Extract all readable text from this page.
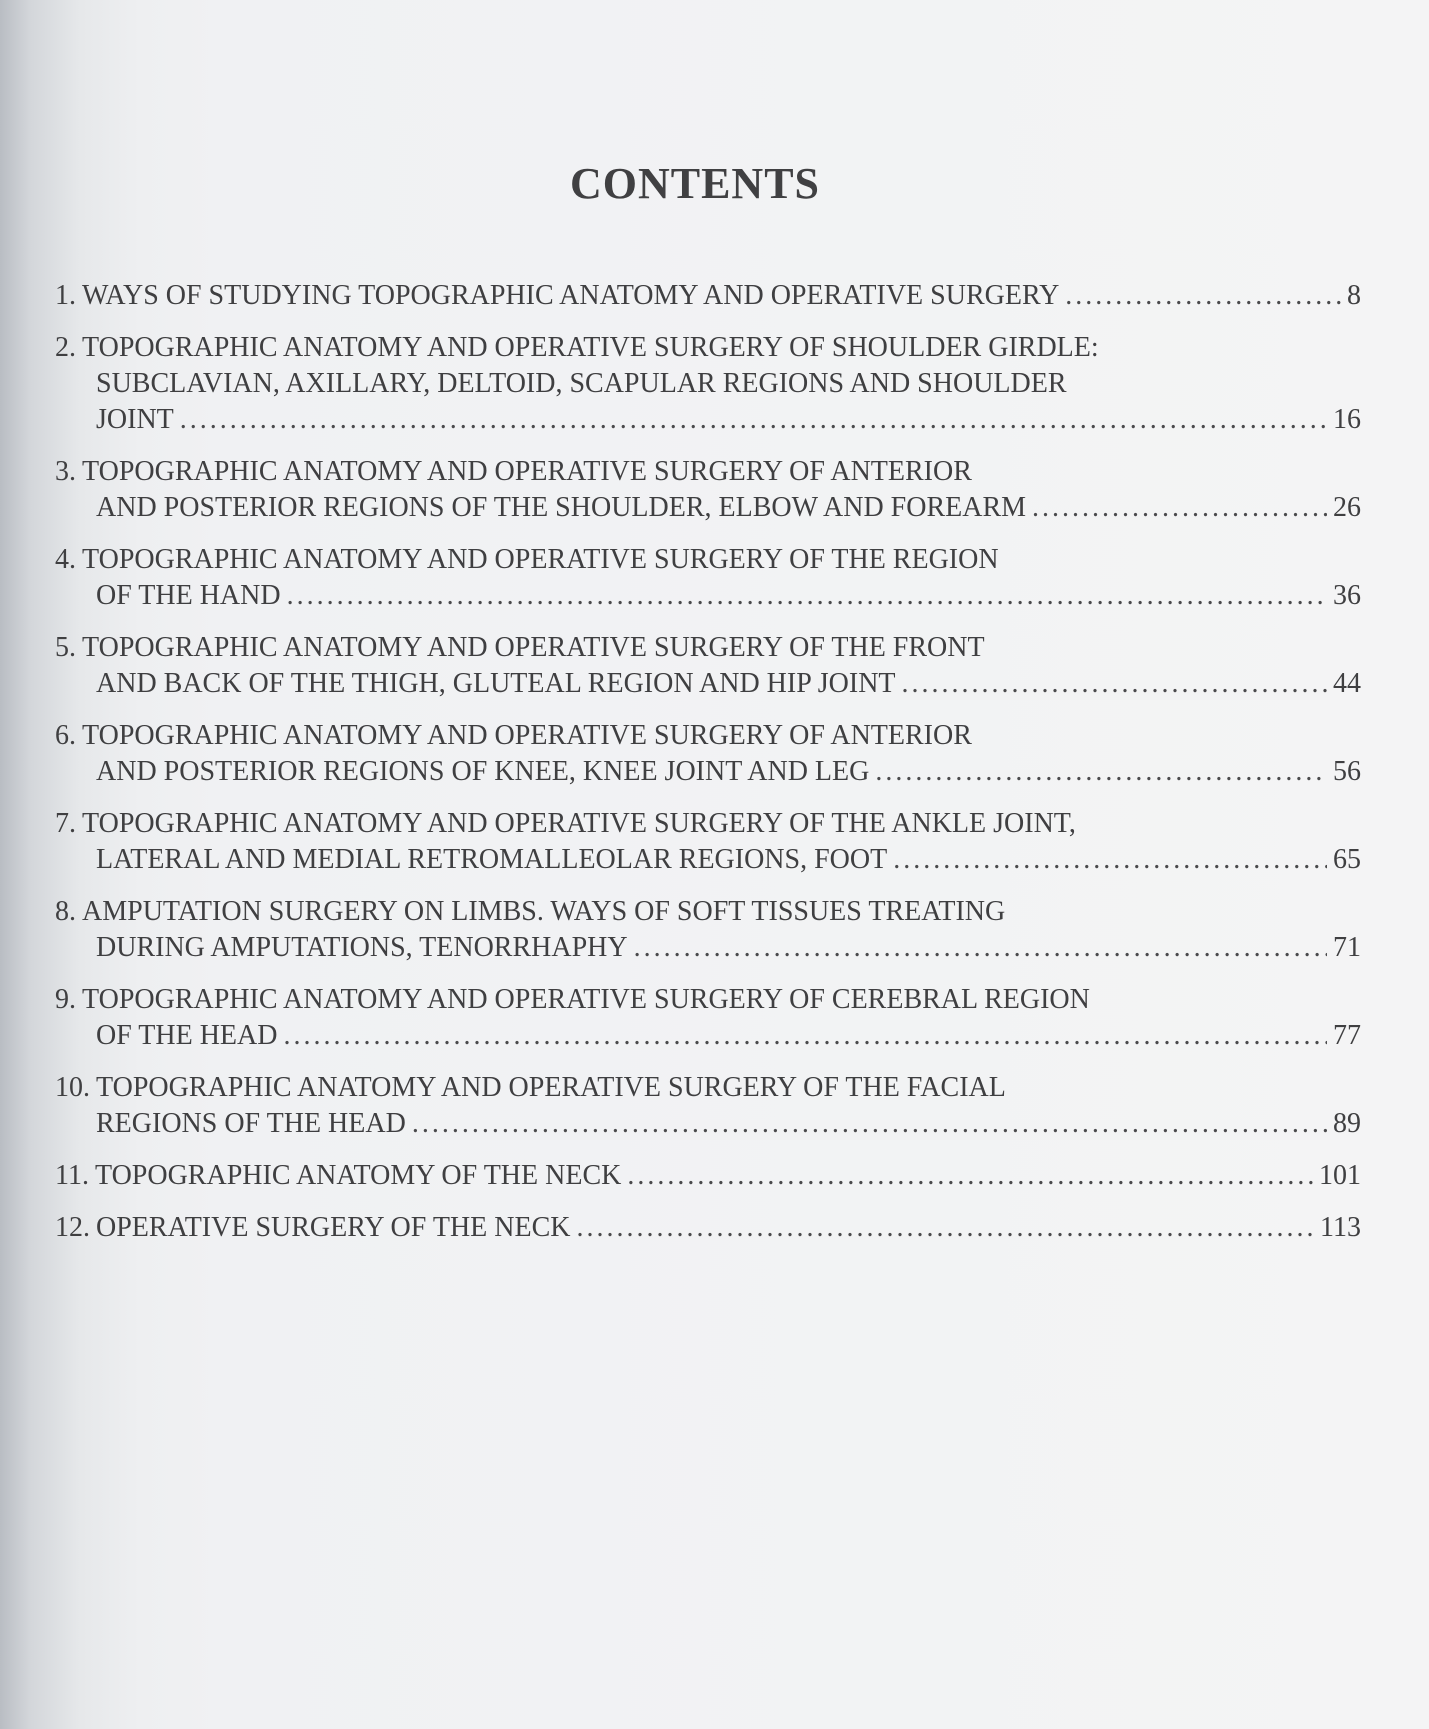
CONTENTS
1. WAYS OF STUDYING TOPOGRAPHIC ANATOMY AND OPERATIVE SURGERY .....	8
2. TOPOGRAPHIC ANATOMY AND OPERATIVE SURGERY OF SHOULDER GIRDLE:
SUBCLAVIAN, AXILLARY, DELTOID, SCAPULAR REGIONS AND SHOULDER
JOINT .....	16
3. TOPOGRAPHIC ANATOMY AND OPERATIVE SURGERY OF ANTERIOR
AND POSTERIOR REGIONS OF THE SHOULDER, ELBOW AND FOREARM .....	26
4. TOPOGRAPHIC ANATOMY AND OPERATIVE SURGERY OF THE REGION
OF THE HAND .....	36
5. TOPOGRAPHIC ANATOMY AND OPERATIVE SURGERY OF THE FRONT
AND BACK OF THE THIGH, GLUTEAL REGION AND HIP JOINT .....	44
6. TOPOGRAPHIC ANATOMY AND OPERATIVE SURGERY OF ANTERIOR
AND POSTERIOR REGIONS OF KNEE, KNEE JOINT AND LEG .....	56
7. TOPOGRAPHIC ANATOMY AND OPERATIVE SURGERY OF THE ANKLE JOINT,
LATERAL AND MEDIAL RETROMALLEOLAR REGIONS, FOOT .....	65
8. AMPUTATION SURGERY ON LIMBS. WAYS OF SOFT TISSUES TREATING
DURING AMPUTATIONS, TENORRHAPHY .....	71
9. TOPOGRAPHIC ANATOMY AND OPERATIVE SURGERY OF CEREBRAL REGION
OF THE HEAD .....	77
10. TOPOGRAPHIC ANATOMY AND OPERATIVE SURGERY OF THE FACIAL
REGIONS OF THE HEAD .....	89
11. TOPOGRAPHIC ANATOMY OF THE NECK .....	101
12. OPERATIVE SURGERY OF THE NECK .....	113
